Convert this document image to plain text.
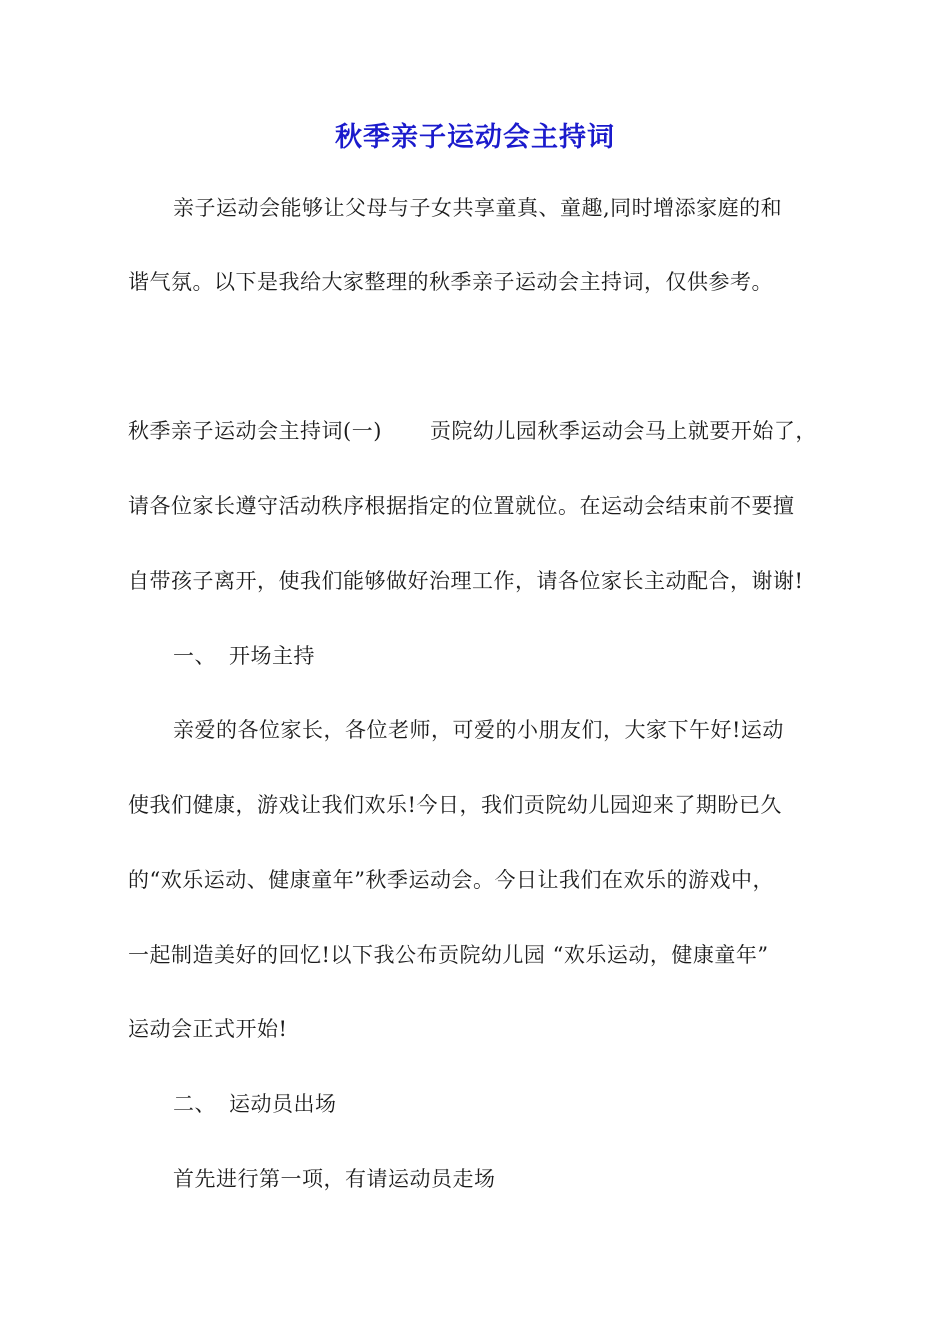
秋季亲子运动会主持词
亲子运动会能够让父母与子女共享童真、童趣,同时增添家庭的和
谐气氛。以下是我给大家整理的秋季亲子运动会主持词，仅供参考。
秋季亲子运动会主持词(一) 贡院幼儿园秋季运动会马上就要开始了，
请各位家长遵守活动秩序根据指定的位置就位。在运动会结束前不要擅
自带孩子离开，使我们能够做好治理工作，请各位家长主动配合，谢谢!
一、 开场主持
亲爱的各位家长，各位老师，可爱的小朋友们，大家下午好!运动
使我们健康，游戏让我们欢乐!今日，我们贡院幼儿园迎来了期盼已久
的“欢乐运动、健康童年”秋季运动会。今日让我们在欢乐的游戏中，
一起制造美好的回忆!以下我公布贡院幼儿园 “欢乐运动，健康童年”
运动会正式开始!
二、 运动员出场
首先进行第一项，有请运动员走场
